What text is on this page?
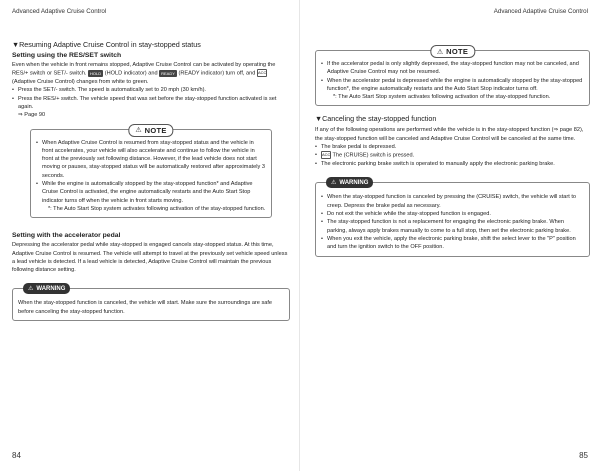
Advanced Adaptive Cruise Control
▼Resuming Adaptive Cruise Control in stay-stopped status
Setting using the RES/SET switch

Even when the vehicle in front remains stopped, Adaptive Cruise Control can be activated by operating the RES/+ switch or SET/- switch. HOLD (HOLD indicator) and READY (READY indicator) turn off, and ACC (Adaptive Cruise Control) changes from white to green.

• Press the SET/- switch. The speed is automatically set to 20 mph (30 km/h).
• Press the RES/+ switch. The vehicle speed that was set before the stay-stopped function activated is set again.
⇒ Page 90
⚠ NOTE
• When Adaptive Cruise Control is resumed from stay-stopped status and the vehicle in front accelerates, your vehicle will also accelerate and continue to follow the vehicle in front at the previously set following distance. However, if the lead vehicle does not start moving or pauses, stay-stopped status will be automatically restored after approximately 3 seconds.
• While the engine is automatically stopped by the stay-stopped function* and Adaptive Cruise Control is activated, the engine automatically restarts and the Auto Start Stop indicator turns off when the vehicle in front starts moving.
*: The Auto Start Stop system activates following activation of the stay-stopped function.
Setting with the accelerator pedal

Depressing the accelerator pedal while stay-stopped is engaged cancels stay-stopped status. At this time, Adaptive Cruise Control is resumed. The vehicle will attempt to travel at the previously set vehicle speed unless a lead vehicle is detected. If a lead vehicle is detected, Adaptive Cruise Control will maintain the previous following distance setting.

⚠ WARNING

When the stay-stopped function is canceled, the vehicle will start. Make sure the surroundings are safe before canceling the stay-stopped function.

84
Advanced Adaptive Cruise Control
⚠ NOTE
• If the accelerator pedal is only slightly depressed, the stay-stopped function may not be canceled, and Adaptive Cruise Control may not be resumed.
• When the accelerator pedal is depressed while the engine is automatically stopped by the stay-stopped function*, the engine automatically restarts and the Auto Start Stop indicator turns off.
*: The Auto Start Stop system activates following activation of the stay-stopped function.
▼Canceling the stay-stopped function

If any of the following operations are performed while the vehicle is in the stay-stopped function (⇒ page 82), the stay-stopped function will be canceled and Adaptive Cruise Control will be canceled at the same time.

• The brake pedal is depressed.
• ACC The (CRUISE) switch is pressed.
• The electronic parking brake switch is operated to manually apply the electronic parking brake.
⚠ WARNING
• When the stay-stopped function is canceled by pressing the (CRUISE) switch, the vehicle will start to creep. Depress the brake pedal as necessary.
• Do not exit the vehicle while the stay-stopped function is engaged.
• The stay-stopped function is not a replacement for engaging the electronic parking brake. When parking, always apply brakes manually to come to a full stop, then set the electronic parking brake.
• When you exit the vehicle, apply the electronic parking brake, shift the select lever to the "P" position and turn the ignition switch to the OFF position.
85
